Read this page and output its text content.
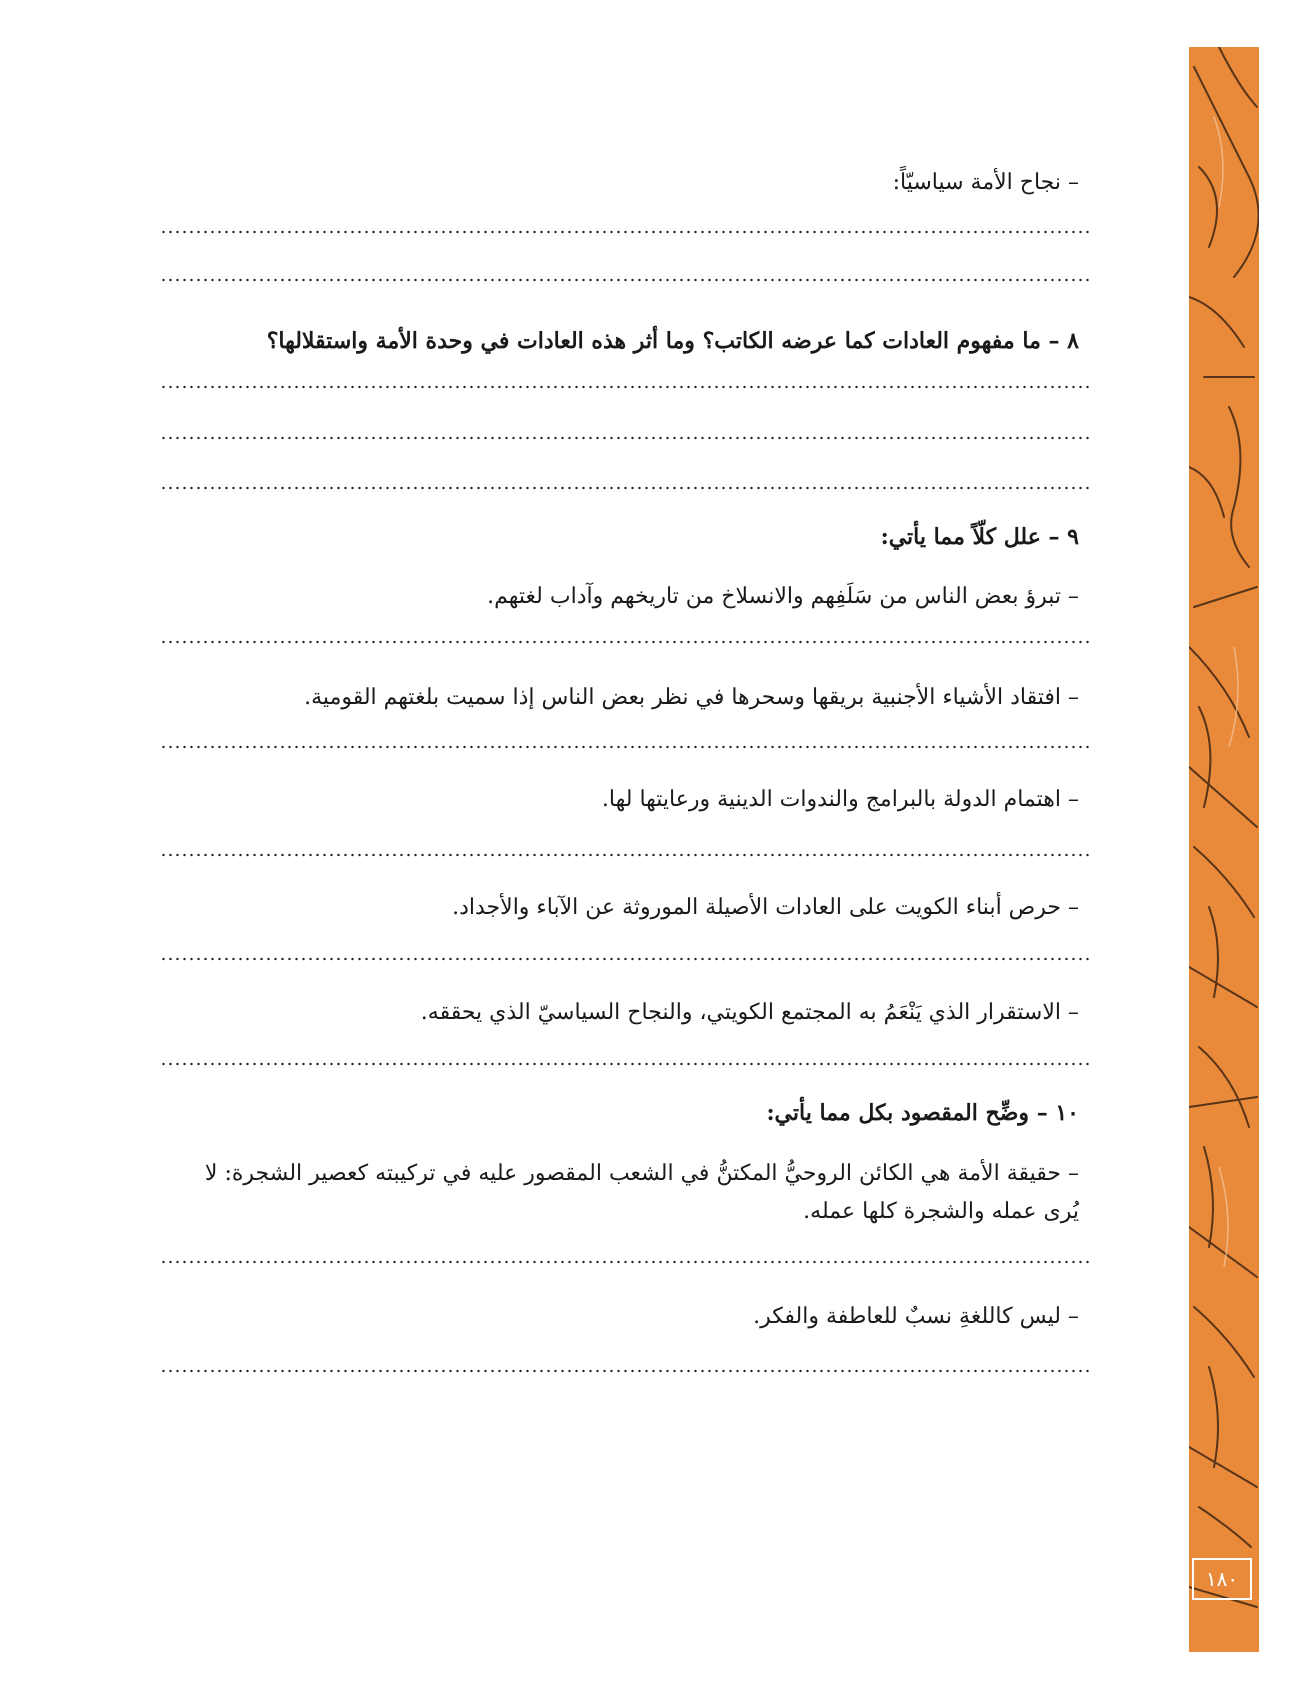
– نجاح الأمة سياسيّاً:
٨ – ما مفهوم العادات كما عرضه الكاتب؟ وما أثر هذه العادات في وحدة الأمة واستقلالها؟
٩ – علل كلّاً مما يأتي:
– تبرؤ بعض الناس من سَلَفِهم والانسلاخ من تاريخهم وآداب لغتهم.
– افتقاد الأشياء الأجنبية بريقها وسحرها في نظر بعض الناس إذا سميت بلغتهم القومية.
– اهتمام الدولة بالبرامج والندوات الدينية ورعايتها لها.
– حرص أبناء الكويت على العادات الأصيلة الموروثة عن الآباء والأجداد.
– الاستقرار الذي يَنْعَمُ به المجتمع الكويتي، والنجاح السياسيّ الذي يحققه.
١٠ – وضِّح المقصود بكل مما يأتي:
– حقيقة الأمة هي الكائن الروحيُّ المكتنُّ في الشعب المقصور عليه في تركيبته كعصير الشجرة: لا يُرى عمله والشجرة كلها عمله.
– ليس كاللغةِ نسبٌ للعاطفة والفكر.
١٨٠
